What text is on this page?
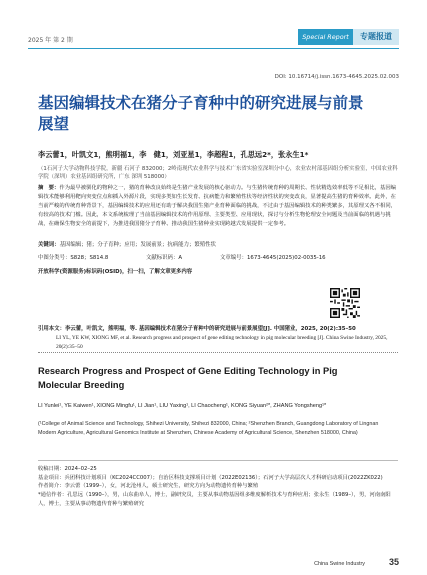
2025 年 第 2 期	Special Report	专题报道
DOI: 10.16714/j.issn.1673-4645.2025.02.003
基因编辑技术在猪分子育种中的研究进展与前景展望
李云蕾1，叶凯文1，熊明福1，李　健1，刘亚星1，李超程1，孔思远2*，张永生1*
（1石河子大学动物科技学院，新疆 石河子 832000；2岭南现代农业科学与技术广东省实验室深圳分中心，农业农村部基因组分析实验室，中国农业科学院（深圳）农业基因组研究所，广东 深圳 518000）
摘　要：作为最早被驯化的物种之一，猪的育种改良始终是生猪产业发展的核心驱动力。与生猪传统育种的周期长、性状精选效率低等不足相比，基因编辑技术能够利用靶向突变位点和插入外源片段，实现多类如生长发育、抗病能力和繁殖性状等经济性状的突变改良，显著提高生猪的育种效率。此外，在当前严峻的传统育种背景下，基因编辑技术的应用还有助于解决我国生猪产业育种面临的挑战，不过由于基因编辑技术的种类繁多，其原理又各不相同，有较高的技术门槛。因此，本文系统梳理了当前基因编辑技术的作用原理、主要类型、应用现状，探讨与分析生物伦理安全问题及当前面临的机遇与挑战，在确保生物安全的前提下，为推进我国猪分子育种、推动我国生猪种业实现跨越式发展提供一定参考。
关键词：基因编辑；猪；分子育种；应用；发展前景；抗病能力；繁殖性状
中图分类号：S828；S814.8	文献标识码：A	文章编号：1673-4645(2025)02-0035-16
开放科学(资源服务)标识码(OSID)，扫一扫，了解文章更多内容
引用本文：李云蕾，叶凯文，熊明福，等. 基因编辑技术在猪分子育种中的研究进展与前景展望[J]. 中国猪业，2025, 20(2):35–50
LI YL, YE KW, XIONG MF, et al. Research progress and prospect of gene editing technology in pig molecular breeding [J]. China Swine Industry, 2025, 20(2):35–50
Research Progress and Prospect of Gene Editing Technology in Pig Molecular Breeding
LI Yunlei¹, YE Kaiwen¹, XIONG Mingfu¹, LI Jian¹, LIU Yaxing¹, LI Chaocheng¹, KONG Siyuan²*, ZHANG Yongsheng¹*
(¹College of Animal Science and Technology, Shihezi University, Shihezi 832000, China; ²Shenzhen Branch, Guangdong Laboratory of Lingnan Modern Agriculture, Agricultural Genomics Institute at Shenzhen, Chinese Academy of Agricultural Science, Shenzhen 518000, China)
收稿日期：2024–02–25
基金项目：兵团科技计划项目（KC2024CC007）；自治区科技支撑项目计划（2022E02136）；石河子大学高层次人才科研启动项目(2022ZK022)
作者简介：李云蕾（1999–），女，河北沧州人，硕士研究生，研究方向为动物遗传育种与繁殖
*通信作者：孔思远（1990–），男，山东曲阜人，博士，副研究员，主要从事动物基因组多维度解析技术与育种应用；张永生（1989–），男，河南南阳人，博士，主要从事动物遗传育种与繁殖研究
China Swine Industry	35
